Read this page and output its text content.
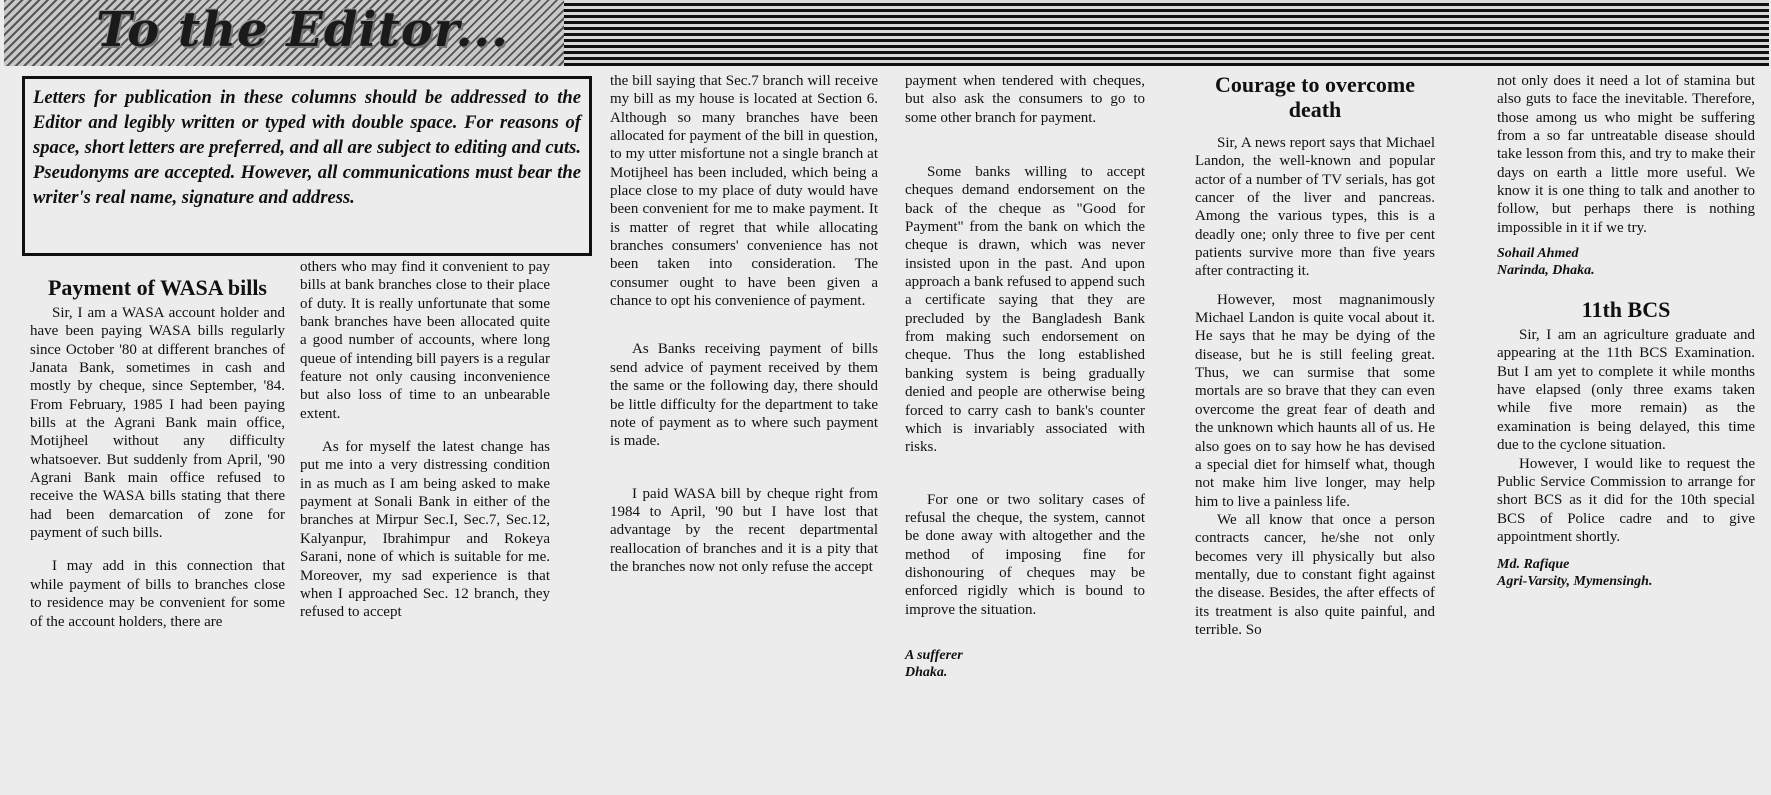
To the Editor...
Letters for publication in these columns should be addressed to the Editor and legibly written or typed with double space. For reasons of space, short letters are preferred, and all are subject to editing and cuts. Pseudonyms are accepted. However, all communications must bear the writer's real name, signature and address.
Payment of WASA bills

Sir, I am a WASA account holder and have been paying WASA bills regularly since October '80 at different branches of Janata Bank, sometimes in cash and mostly by cheque, since September, '84. From February, 1985 I had been paying bills at the Agrani Bank main office, Motijheel without any difficulty whatsoever. But suddenly from April, '90 Agrani Bank main office refused to receive the WASA bills stating that there had been demarcation of zone for payment of such bills.

I may add in this connection that while payment of bills to branches close to residence may be convenient for some of the account holders, there are

others who may find it convenient to pay bills at bank branches close to their place of duty. It is really unfortunate that some bank branches have been allocated quite a good number of accounts, where long queue of intending bill payers is a regular feature not only causing inconvenience but also loss of time to an unbearable extent.

As for myself the latest change has put me into a very distressing condition in as much as I am being asked to make payment at Sonali Bank in either of the branches at Mirpur Sec.I, Sec.7, Sec.12, Kalyanpur, Ibrahimpur and Rokeya Sarani, none of which is suitable for me. Moreover, my sad experience is that when I approached Sec. 12 branch, they refused to accept

the bill saying that Sec.7 branch will receive my bill as my house is located at Section 6. Although so many branches have been allocated for payment of the bill in question, to my utter misfortune not a single branch at Motijheel has been included, which being a place close to my place of duty would have been convenient for me to make payment. It is matter of regret that while allocating branches consumers' convenience has not been taken into consideration. The consumer ought to have been given a chance to opt his convenience of payment.

As Banks receiving payment of bills send advice of payment received by them the same or the following day, there should be little difficulty for the department to take note of payment as to where such payment is made.

I paid WASA bill by cheque right from 1984 to April, '90 but I have lost that advantage by the recent departmental reallocation of branches and it is a pity that the branches now not only refuse the accept

payment when tendered with cheques, but also ask the consumers to go to some other branch for payment.

Some banks willing to accept cheques demand endorsement on the back of the cheque as "Good for Payment" from the bank on which the cheque is drawn, which was never insisted upon in the past. And upon approach a bank refused to append such a certificate saying that they are precluded by the Bangladesh Bank from making such endorsement on cheque. Thus the long established banking system is being gradually denied and people are otherwise being forced to carry cash to bank's counter which is invariably associated with risks.

For one or two solitary cases of refusal the cheque, the system, cannot be done away with altogether and the method of imposing fine for dishonouring of cheques may be enforced rigidly which is bound to improve the situation.

A sufferer
Dhaka.
Courage to overcome death

Sir, A news report says that Michael Landon, the well-known and popular actor of a number of TV serials, has got cancer of the liver and pancreas. Among the various types, this is a deadly one; only three to five per cent patients survive more than five years after contracting it.

However, most magnanimously Michael Landon is quite vocal about it. He says that he may be dying of the disease, but he is still feeling great. Thus, we can surmise that some mortals are so brave that they can even overcome the great fear of death and the unknown which haunts all of us. He also goes on to say how he has devised a special diet for himself what, though not make him live longer, may help him to live a painless life.

We all know that once a person contracts cancer, he/she not only becomes very ill physically but also mentally, due to constant fight against the disease. Besides, the after effects of its treatment is also quite painful, and terrible. So

not only does it need a lot of stamina but also guts to face the inevitable. Therefore, those among us who might be suffering from a so far untreatable disease should take lesson from this, and try to make their days on earth a little more useful. We know it is one thing to talk and another to follow, but perhaps there is nothing impossible in it if we try.

Sohail Ahmed
Narinda, Dhaka.
11th BCS

Sir, I am an agriculture graduate and appearing at the 11th BCS Examination. But I am yet to complete it while months have elapsed (only three exams taken while five more remain) as the examination is being delayed, this time due to the cyclone situation.

However, I would like to request the Public Service Commission to arrange for short BCS as it did for the 10th special BCS of Police cadre and to give appointment shortly.

Md. Rafique
Agri-Varsity, Mymensingh.
